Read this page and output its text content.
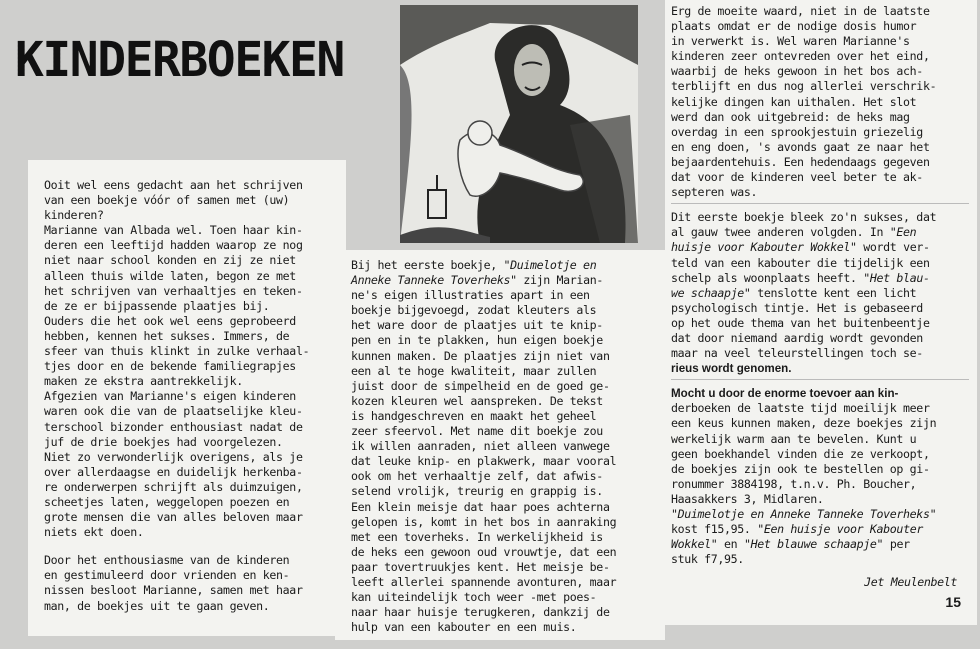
KINDERBOEKEN

Ooit wel eens gedacht aan het schrijven
van een boekje vóór of samen met (uw)
kinderen?
Marianne van Albada wel. Toen haar kin-
deren een leeftijd hadden waarop ze nog
niet naar school konden en zij ze niet
alleen thuis wilde laten, begon ze met
het schrijven van verhaaltjes en teken-
de ze er bijpassende plaatjes bij.
Ouders die het ook wel eens geprobeerd
hebben, kennen het sukses. Immers, de
sfeer van thuis klinkt in zulke verhaal-
tjes door en de bekende familiegrapjes
maken ze ekstra aantrekkelijk.
Afgezien van Marianne's eigen kinderen
waren ook die van de plaatselijke kleu-
terschool bizonder enthousiast nadat de
juf de drie boekjes had voorgelezen.
Niet zo verwonderlijk overigens, als je
over allerdaagse en duidelijk herkenba-
re onderwerpen schrijft als duimzuigen,
scheetjes laten, weggelopen poezen en
grote mensen die van alles beloven maar
niets ekt doen.

Door het enthousiasme van de kinderen
en gestimuleerd door vrienden en ken-
nissen besloot Marianne, samen met haar
man, de boekjes uit te gaan geven.

Bij het eerste boekje, "Duimelotje en
Anneke Tanneke Toverheks" zijn Marian-
ne's eigen illustraties apart in een
boekje bijgevoegd, zodat kleuters als
het ware door de plaatjes uit te knip-
pen en in te plakken, hun eigen boekje
kunnen maken. De plaatjes zijn niet van
een al te hoge kwaliteit, maar zullen
juist door de simpelheid en de goed ge-
kozen kleuren wel aanspreken. De tekst
is handgeschreven en maakt het geheel
zeer sfeervol. Met name dit boekje zou
ik willen aanraden, niet alleen vanwege
dat leuke knip- en plakwerk, maar vooral
ook om het verhaaltje zelf, dat afwis-
selend vrolijk, treurig en grappig is.
Een klein meisje dat haar poes achterna
gelopen is, komt in het bos in aanraking
met een toverheks. In werkelijkheid is
de heks een gewoon oud vrouwtje, dat een
paar tovertruukjes kent. Het meisje be-
leeft allerlei spannende avonturen, maar
kan uiteindelijk toch weer -met poes-
naar haar huisje terugkeren, dankzij de
hulp van een kabouter en een muis.

Erg de moeite waard, niet in de laatste
plaats omdat er de nodige dosis humor
in verwerkt is. Wel waren Marianne's
kinderen zeer ontevreden over het eind,
waarbij de heks gewoon in het bos ach-
terblijft en dus nog allerlei verschrik-
kelijke dingen kan uithalen. Het slot
werd dan ook uitgebreid: de heks mag
overdag in een sprookjestuin griezelig
en eng doen, 's avonds gaat ze naar het
bejaardentehuis. Een hedendaags gegeven
dat voor de kinderen veel beter te ak-
septeren was.

Dit eerste boekje bleek zo'n sukses, dat
al gauw twee anderen volgden. In "Een
huisje voor Kabouter Wokkel" wordt ver-
teld van een kabouter die tijdelijk een
schelp als woonplaats heeft. "Het blau-
we schaapje" tenslotte kent een licht
psychologisch tintje. Het is gebaseerd
op het oude thema van het buitenbeentje
dat door niemand aardig wordt gevonden
maar na veel teleurstellingen toch se-
rieus wordt genomen.

Mocht u door de enorme toevoer aan kin-
derboeken de laatste tijd moeilijk meer
een keus kunnen maken, deze boekjes zijn
werkelijk warm aan te bevelen. Kunt u
geen boekhandel vinden die ze verkoopt,
de boekjes zijn ook te bestellen op gi-
ronummer 3884198, t.n.v. Ph. Boucher,
Haasakkers 3, Midlaren.

"Duimelotje en Anneke Tanneke Toverheks"
kost f15,95. "Een huisje voor Kabouter
Wokkel" en "Het blauwe schaapje" per
stuk f7,95.

Jet Meulenbelt

15
